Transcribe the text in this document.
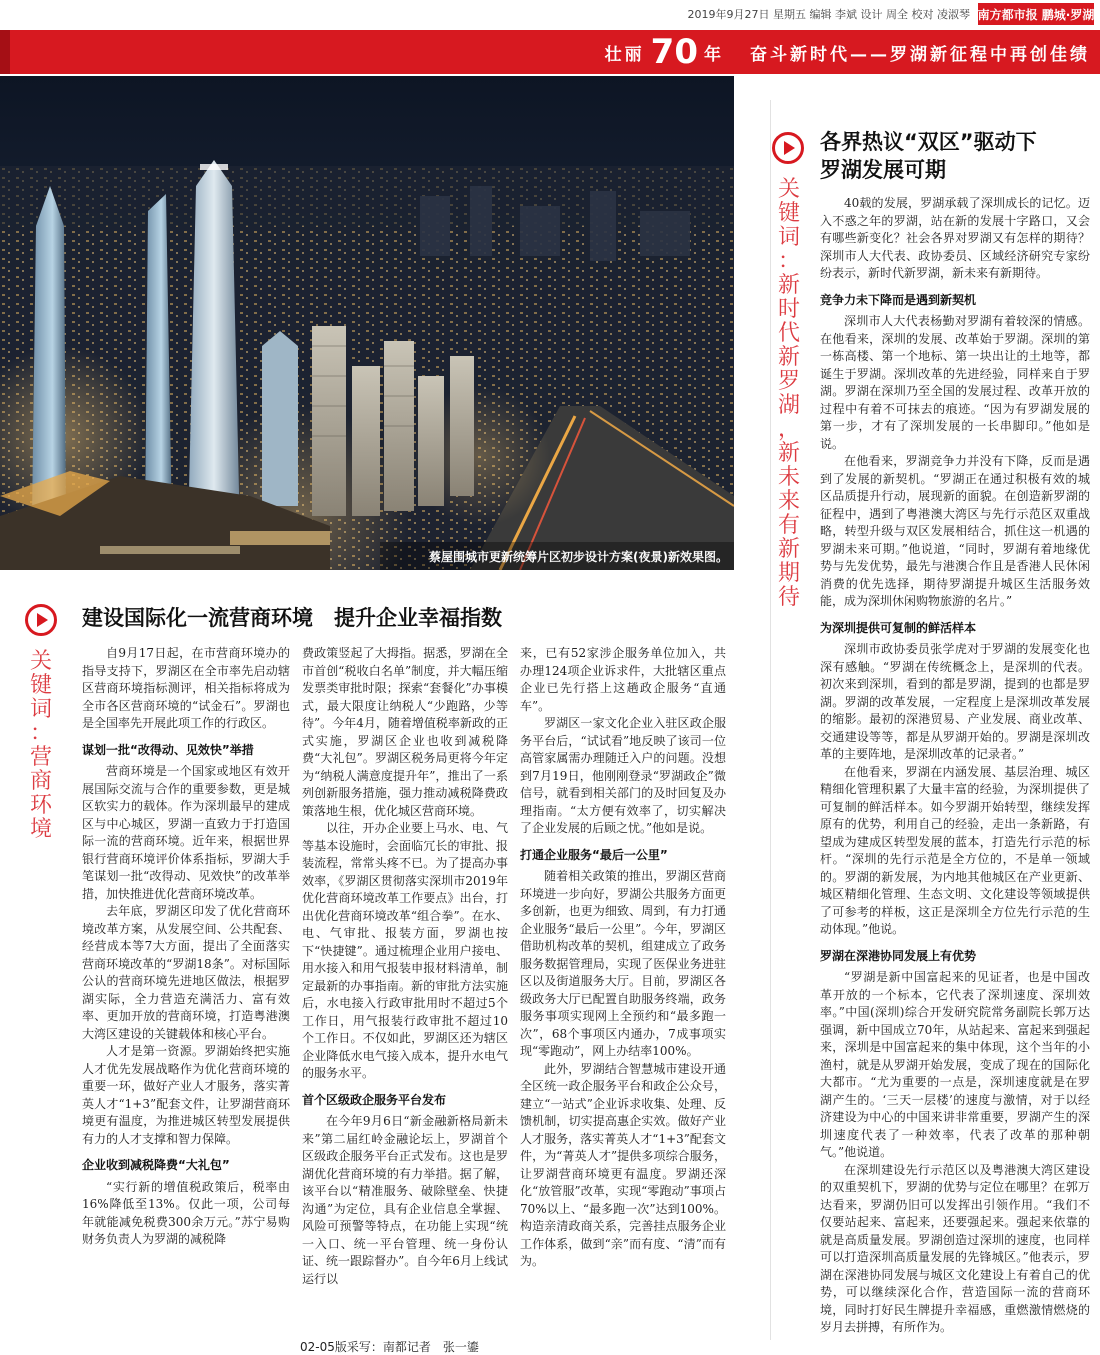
2019年9月27日 星期五 编辑 李斌 设计 周全 校对 凌淑琴 南方都市报 鹏城·罗湖
壮丽 70 年 奋斗新时代——罗湖新征程中再创佳绩
蔡屋围城市更新统筹片区初步设计方案(夜景)新效果图。
各界热议“双区”驱动下
罗湖发展可期
关
键
词
：
新
时
代
新
罗
湖
，
新
未
来
有
新
期
待

40载的发展，罗湖承载了深圳成长的记忆。迈入不惑之年的罗湖，站在新的发展十字路口，又会有哪些新变化？社会各界对罗湖又有怎样的期待？深圳市人大代表、政协委员、区域经济研究专家纷纷表示，新时代新罗湖，新未来有新期待。

竞争力未下降而是遇到新契机

深圳市人大代表杨勤对罗湖有着较深的情感。在他看来，深圳的发展、改革始于罗湖。深圳的第一栋高楼、第一个地标、第一块出让的土地等，都诞生于罗湖。深圳改革的先进经验，同样来自于罗湖。罗湖在深圳乃至全国的发展过程、改革开放的过程中有着不可抹去的痕迹。“因为有罗湖发展的第一步，才有了深圳发展的一长串脚印。”他如是说。

在他看来，罗湖竞争力并没有下降，反而是遇到了发展的新契机。“罗湖正在通过积极有效的城区品质提升行动，展现新的面貌。在创造新罗湖的征程中，遇到了粤港澳大湾区与先行示范区双重战略，转型升级与双区发展相结合，抓住这一机遇的罗湖未来可期。”他说道，“同时，罗湖有着地缘优势与先发优势，最先与港澳合作且是香港人民休闲消费的优先选择，期待罗湖提升城区生活服务效能，成为深圳休闲购物旅游的名片。”

为深圳提供可复制的鲜活样本

深圳市政协委员张学虎对于罗湖的发展变化也深有感触。“罗湖在传统概念上，是深圳的代表。初次来到深圳，看到的都是罗湖，提到的也都是罗湖。罗湖的改革发展，一定程度上是深圳改革发展的缩影。最初的深港贸易、产业发展、商业改革、交通建设等等，都是从罗湖开始的。罗湖是深圳改革的主要阵地，是深圳改革的记录者。”

在他看来，罗湖在内涵发展、基层治理、城区精细化管理积累了大量丰富的经验，为深圳提供了可复制的鲜活样本。如今罗湖开始转型，继续发挥原有的优势，利用自己的经验，走出一条新路，有望成为建成区转型发展的蓝本，打造先行示范的标杆。“深圳的先行示范是全方位的，不是单一领域的。罗湖的新发展，为内地其他城区在产业更新、城区精细化管理、生态文明、文化建设等领域提供了可参考的样板，这正是深圳全方位先行示范的生动体现。”他说。

罗湖在深港协同发展上有优势

“罗湖是新中国富起来的见证者，也是中国改革开放的一个标本，它代表了深圳速度、深圳效率。”中国(深圳)综合开发研究院常务副院长郭万达强调，新中国成立70年，从站起来、富起来到强起来，深圳是中国富起来的集中体现，这个当年的小渔村，就是从罗湖开始发展，变成了现在的国际化大都市。“尤为重要的一点是，深圳速度就是在罗湖产生的。‘三天一层楼’的速度与激情，对于以经济建设为中心的中国来讲非常重要，罗湖产生的深圳速度代表了一种效率，代表了改革的那种朝气。”他说道。

在深圳建设先行示范区以及粤港澳大湾区建设的双重契机下，罗湖的优势与定位在哪里？在郭万达看来，罗湖仍旧可以发挥出引领作用。“我们不仅要站起来、富起来，还要强起来。强起来依靠的就是高质量发展。罗湖创造过深圳的速度，也同样可以打造深圳高质量发展的先锋城区。”他表示，罗湖在深港协同发展与城区文化建设上有着自己的优势，可以继续深化合作，营造国际一流的营商环境，同时打好民生牌提升幸福感，重燃激情燃烧的岁月去拼搏，有所作为。

建设国际化一流营商环境　提升企业幸福指数
关
键
词
：
营
商
环
境

自9月17日起，在市营商环境办的指导支持下，罗湖区在全市率先启动辖区营商环境指标测评，相关指标将成为全市各区营商环境的“试金石”。罗湖也是全国率先开展此项工作的行政区。

谋划一批“改得动、见效快”举措

营商环境是一个国家或地区有效开展国际交流与合作的重要参数，更是城区软实力的载体。作为深圳最早的建成区与中心城区，罗湖一直致力于打造国际一流的营商环境。近年来，根据世界银行营商环境评价体系指标，罗湖大手笔谋划一批“改得动、见效快”的改革举措，加快推进优化营商环境改革。

去年底，罗湖区印发了优化营商环境改革方案，从发展空间、公共配套、经营成本等7大方面，提出了全面落实营商环境改革的“罗湖18条”。对标国际公认的营商环境先进地区做法，根据罗湖实际，全力营造充满活力、富有效率、更加开放的营商环境，打造粤港澳大湾区建设的关键载体和核心平台。

人才是第一资源。罗湖始终把实施人才优先发展战略作为优化营商环境的重要一环，做好产业人才服务，落实菁英人才“1+3”配套文件，让罗湖营商环境更有温度，为推进城区转型发展提供有力的人才支撑和智力保障。

企业收到减税降费“大礼包”

“实行新的增值税政策后，税率由16%降低至13%。仅此一项，公司每年就能减免税费300余万元。”苏宁易购财务负责人为罗湖的减税降

费政策竖起了大拇指。据悉，罗湖在全市首创“税收白名单”制度，并大幅压缩发票类审批时限；探索“套餐化”办事模式，最大限度让纳税人“少跑路，少等待”。今年4月，随着增值税率新政的正式实施，罗湖区企业也收到减税降费“大礼包”。罗湖区税务局更将今年定为“纳税人满意度提升年”，推出了一系列创新服务措施，强力推动减税降费政策落地生根，优化城区营商环境。

以往，开办企业要上马水、电、气等基本设施时，会面临冗长的审批、报装流程，常常头疼不已。为了提高办事效率，《罗湖区贯彻落实深圳市2019年优化营商环境改革工作要点》出台，打出优化营商环境改革“组合拳”。在水、电、气审批、报装方面，罗湖也按下“快捷键”。通过梳理企业用户接电、用水接入和用气报装申报材料清单，制定最新的办事指南。新的审批方法实施后，水电接入行政审批用时不超过5个工作日，用气报装行政审批不超过10个工作日。不仅如此，罗湖区还为辖区企业降低水电气接入成本，提升水电气的服务水平。

首个区级政企服务平台发布

在今年9月6日“新金融新格局新未来”第二届红岭金融论坛上，罗湖首个区级政企服务平台正式发布。这也是罗湖优化营商环境的有力举措。据了解，该平台以“精准服务、破除壁垒、快捷沟通”为定位，具有企业信息全掌握、风险可预警等特点，在功能上实现“统一入口、统一平台管理、统一身份认证、统一跟踪督办”。自今年6月上线试运行以

来，已有52家涉企服务单位加入，共办理124项企业诉求件，大批辖区重点企业已先行搭上这趟政企服务“直通车”。

罗湖区一家文化企业入驻区政企服务平台后，“试试看”地反映了该司一位高管家属需办理随迁入户的问题。没想到7月19日，他刚刚登录“罗湖政企”微信号，就看到相关部门的及时回复及办理指南。“太方便有效率了，切实解决了企业发展的后顾之忧。”他如是说。

打通企业服务“最后一公里”

随着相关政策的推出，罗湖区营商环境进一步向好，罗湖公共服务方面更多创新，也更为细致、周到，有力打通企业服务“最后一公里”。今年，罗湖区借助机构改革的契机，组建成立了政务服务数据管理局，实现了医保业务进驻区以及街道服务大厅。目前，罗湖区各级政务大厅已配置自助服务终端，政务服务事项实现网上全预约和“最多跑一次”，68个事项区内通办，7成事项实现“零跑动”，网上办结率100%。

此外，罗湖结合智慧城市建设开通全区统一政企服务平台和政企公众号，建立“一站式”企业诉求收集、处理、反馈机制，切实提高惠企实效。做好产业人才服务，落实菁英人才“1+3”配套文件，为“菁英人才”提供多项综合服务，让罗湖营商环境更有温度。罗湖还深化“放管服”改革，实现“零跑动”事项占70%以上、“最多跑一次”达到100%。构造亲清政商关系，完善挂点服务企业工作体系，做到“亲”而有度、“清”而有为。

02-05版采写：南都记者　张一鎏
